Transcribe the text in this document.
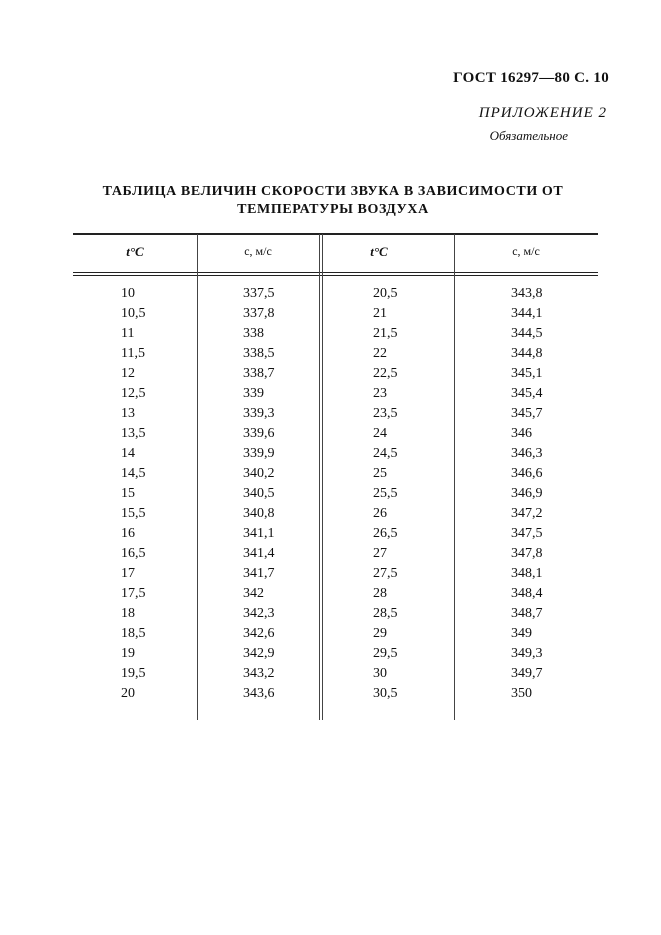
ГОСТ 16297—80 С. 10
ПРИЛОЖЕНИЕ 2
Обязательное
ТАБЛИЦА ВЕЛИЧИН СКОРОСТИ ЗВУКА В ЗАВИСИМОСТИ ОТ
ТЕМПЕРАТУРЫ ВОЗДУХА
t°C	c, м/с	t°C	c, м/с
10	337,5	20,5	343,8
10,5	337,8	21	344,1
11	338	21,5	344,5
11,5	338,5	22	344,8
12	338,7	22,5	345,1
12,5	339	23	345,4
13	339,3	23,5	345,7
13,5	339,6	24	346
14	339,9	24,5	346,3
14,5	340,2	25	346,6
15	340,5	25,5	346,9
15,5	340,8	26	347,2
16	341,1	26,5	347,5
16,5	341,4	27	347,8
17	341,7	27,5	348,1
17,5	342	28	348,4
18	342,3	28,5	348,7
18,5	342,6	29	349
19	342,9	29,5	349,3
19,5	343,2	30	349,7
20	343,6	30,5	350
